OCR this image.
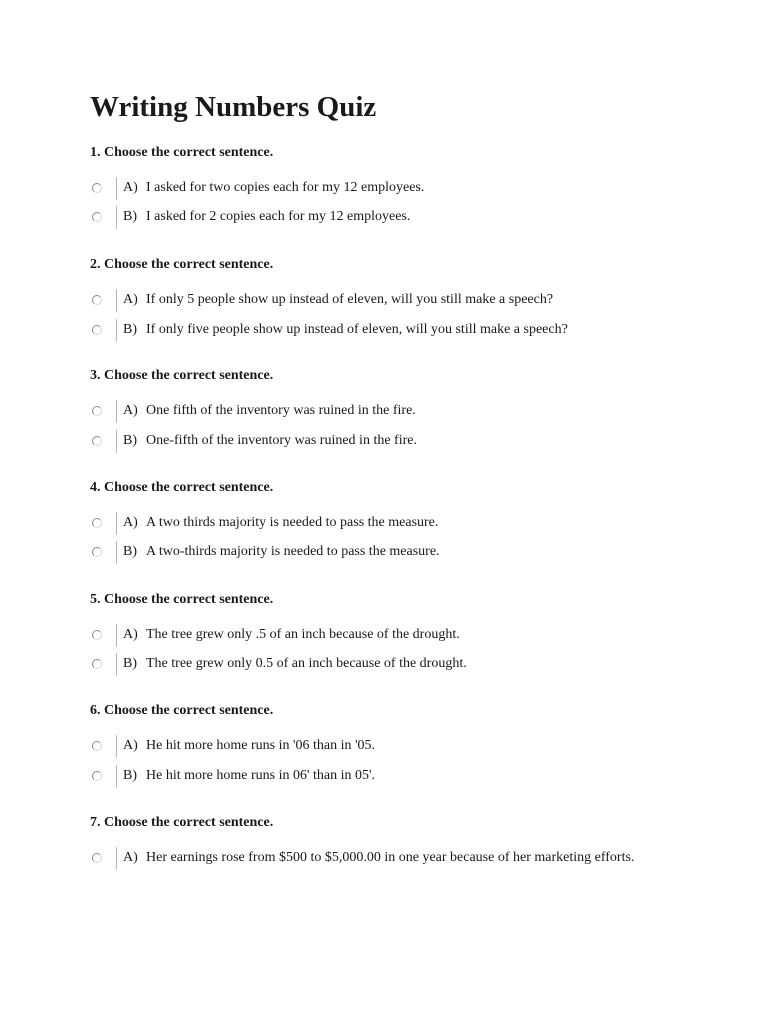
Writing Numbers Quiz

1. Choose the correct sentence.

A) I asked for two copies each for my 12 employees.
B) I asked for 2 copies each for my 12 employees.

2. Choose the correct sentence.

A) If only 5 people show up instead of eleven, will you still make a speech?
B) If only five people show up instead of eleven, will you still make a speech?

3. Choose the correct sentence.

A) One fifth of the inventory was ruined in the fire.
B) One-fifth of the inventory was ruined in the fire.

4. Choose the correct sentence.

A) A two thirds majority is needed to pass the measure.
B) A two-thirds majority is needed to pass the measure.

5. Choose the correct sentence.

A) The tree grew only .5 of an inch because of the drought.
B) The tree grew only 0.5 of an inch because of the drought.

6. Choose the correct sentence.

A) He hit more home runs in '06 than in '05.
B) He hit more home runs in 06' than in 05'.

7. Choose the correct sentence.

A) Her earnings rose from $500 to $5,000.00 in one year because of her marketing efforts.
